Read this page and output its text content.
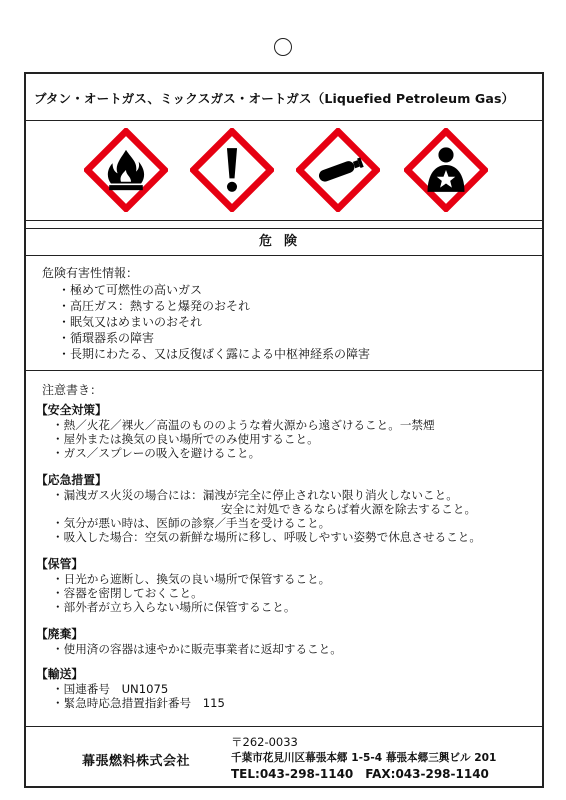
ブタン・オートガス、ミックスガス・オートガス（Liquefied Petroleum Gas）
危険
危険有害性情報：
・極めて可燃性の高いガス
・高圧ガス：熱すると爆発のおそれ
・眠気又はめまいのおそれ
・循環器系の障害
・長期にわたる、又は反復ばく露による中枢神経系の障害
注意書き：
【安全対策】
・熱／火花／裸火／高温のもののような着火源から遠ざけること。一禁煙
・屋外または換気の良い場所でのみ使用すること。
・ガス／スプレーの吸入を避けること。
【応急措置】
・漏洩ガス火災の場合には：漏洩が完全に停止されない限り消火しないこと。
安全に対処できるならば着火源を除去すること。
・気分が悪い時は、医師の診察／手当を受けること。
・吸入した場合：空気の新鮮な場所に移し、呼吸しやすい姿勢で休息させること。
【保管】
・日光から遮断し、換気の良い場所で保管すること。
・容器を密閉しておくこと。
・部外者が立ち入らない場所に保管すること。
【廃棄】
・使用済の容器は速やかに販売事業者に返却すること。
【輸送】
・国連番号　UN1075
・緊急時応急措置指針番号　115
幕張燃料株式会社
〒262-0033
千葉市花見川区幕張本郷 1-5-4 幕張本郷三興ビル 201
TEL:043-298-1140　FAX:043-298-1140
